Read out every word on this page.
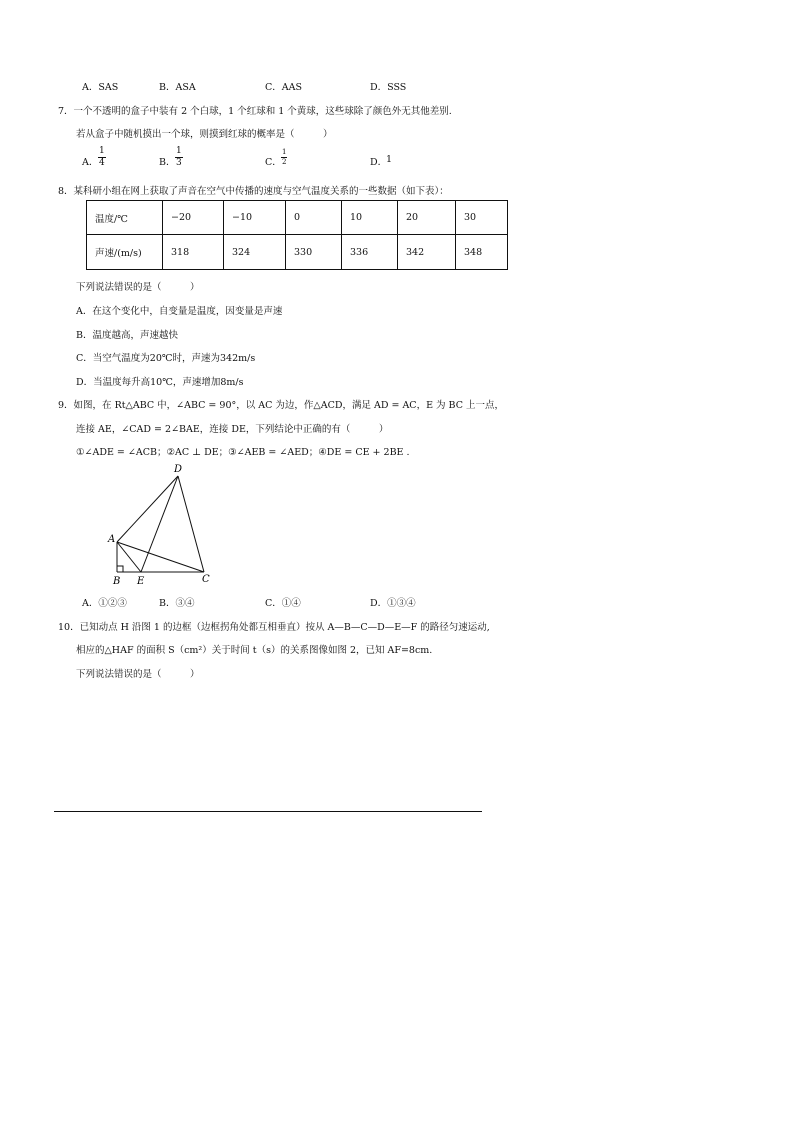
A．SAS	B．ASA	C．AAS	D．SSS
7．一个不透明的盒子中装有 2 个白球，1 个红球和 1 个黄球，这些球除了颜色外无其他差别.
若从盒子中随机摸出一个球，则摸到红球的概率是（　　　）
A． $\frac{1}{4}$	B． $\frac{1}{3}$	C． $\frac{1}{2}$	D．
1
8．某科研小组在网上获取了声音在空气中传播的速度与空气温度关系的一些数据（如下表）：
温度/℃	−20	−10	0	10	20	30
声速/(m/s)	318	324	330	336	342	348
下列说法错误的是（　　　）
A．在这个变化中，自变量是温度，因变量是声速
B．温度越高，声速越快
C．当空气温度为20℃时，声速为342m/s
D．当温度每升高10℃，声速增加8m/s
9．如图，在 Rt△ABC 中，∠ABC = 90°，以 AC 为边，作△ACD，满足 AD = AC，E 为 BC 上一点，
连接 AE，∠CAD = 2∠BAE，连接 DE，下列结论中正确的有（　　　）
①∠ADE = ∠ACB；②AC ⊥ DE；③∠AEB = ∠AED；④DE = CE + 2BE .
D
A
B E	C
A．①②③	B．③④	C．①④	D．①③④
10．已知动点 H 沿图 1 的边框（边框拐角处都互相垂直）按从 A—B—C—D—E—F 的路径匀速运动,
相应的△HAF 的面积 S（cm²）关于时间 t（s）的关系图像如图 2，已知 AF=8cm.
下列说法错误的是（　　　）
